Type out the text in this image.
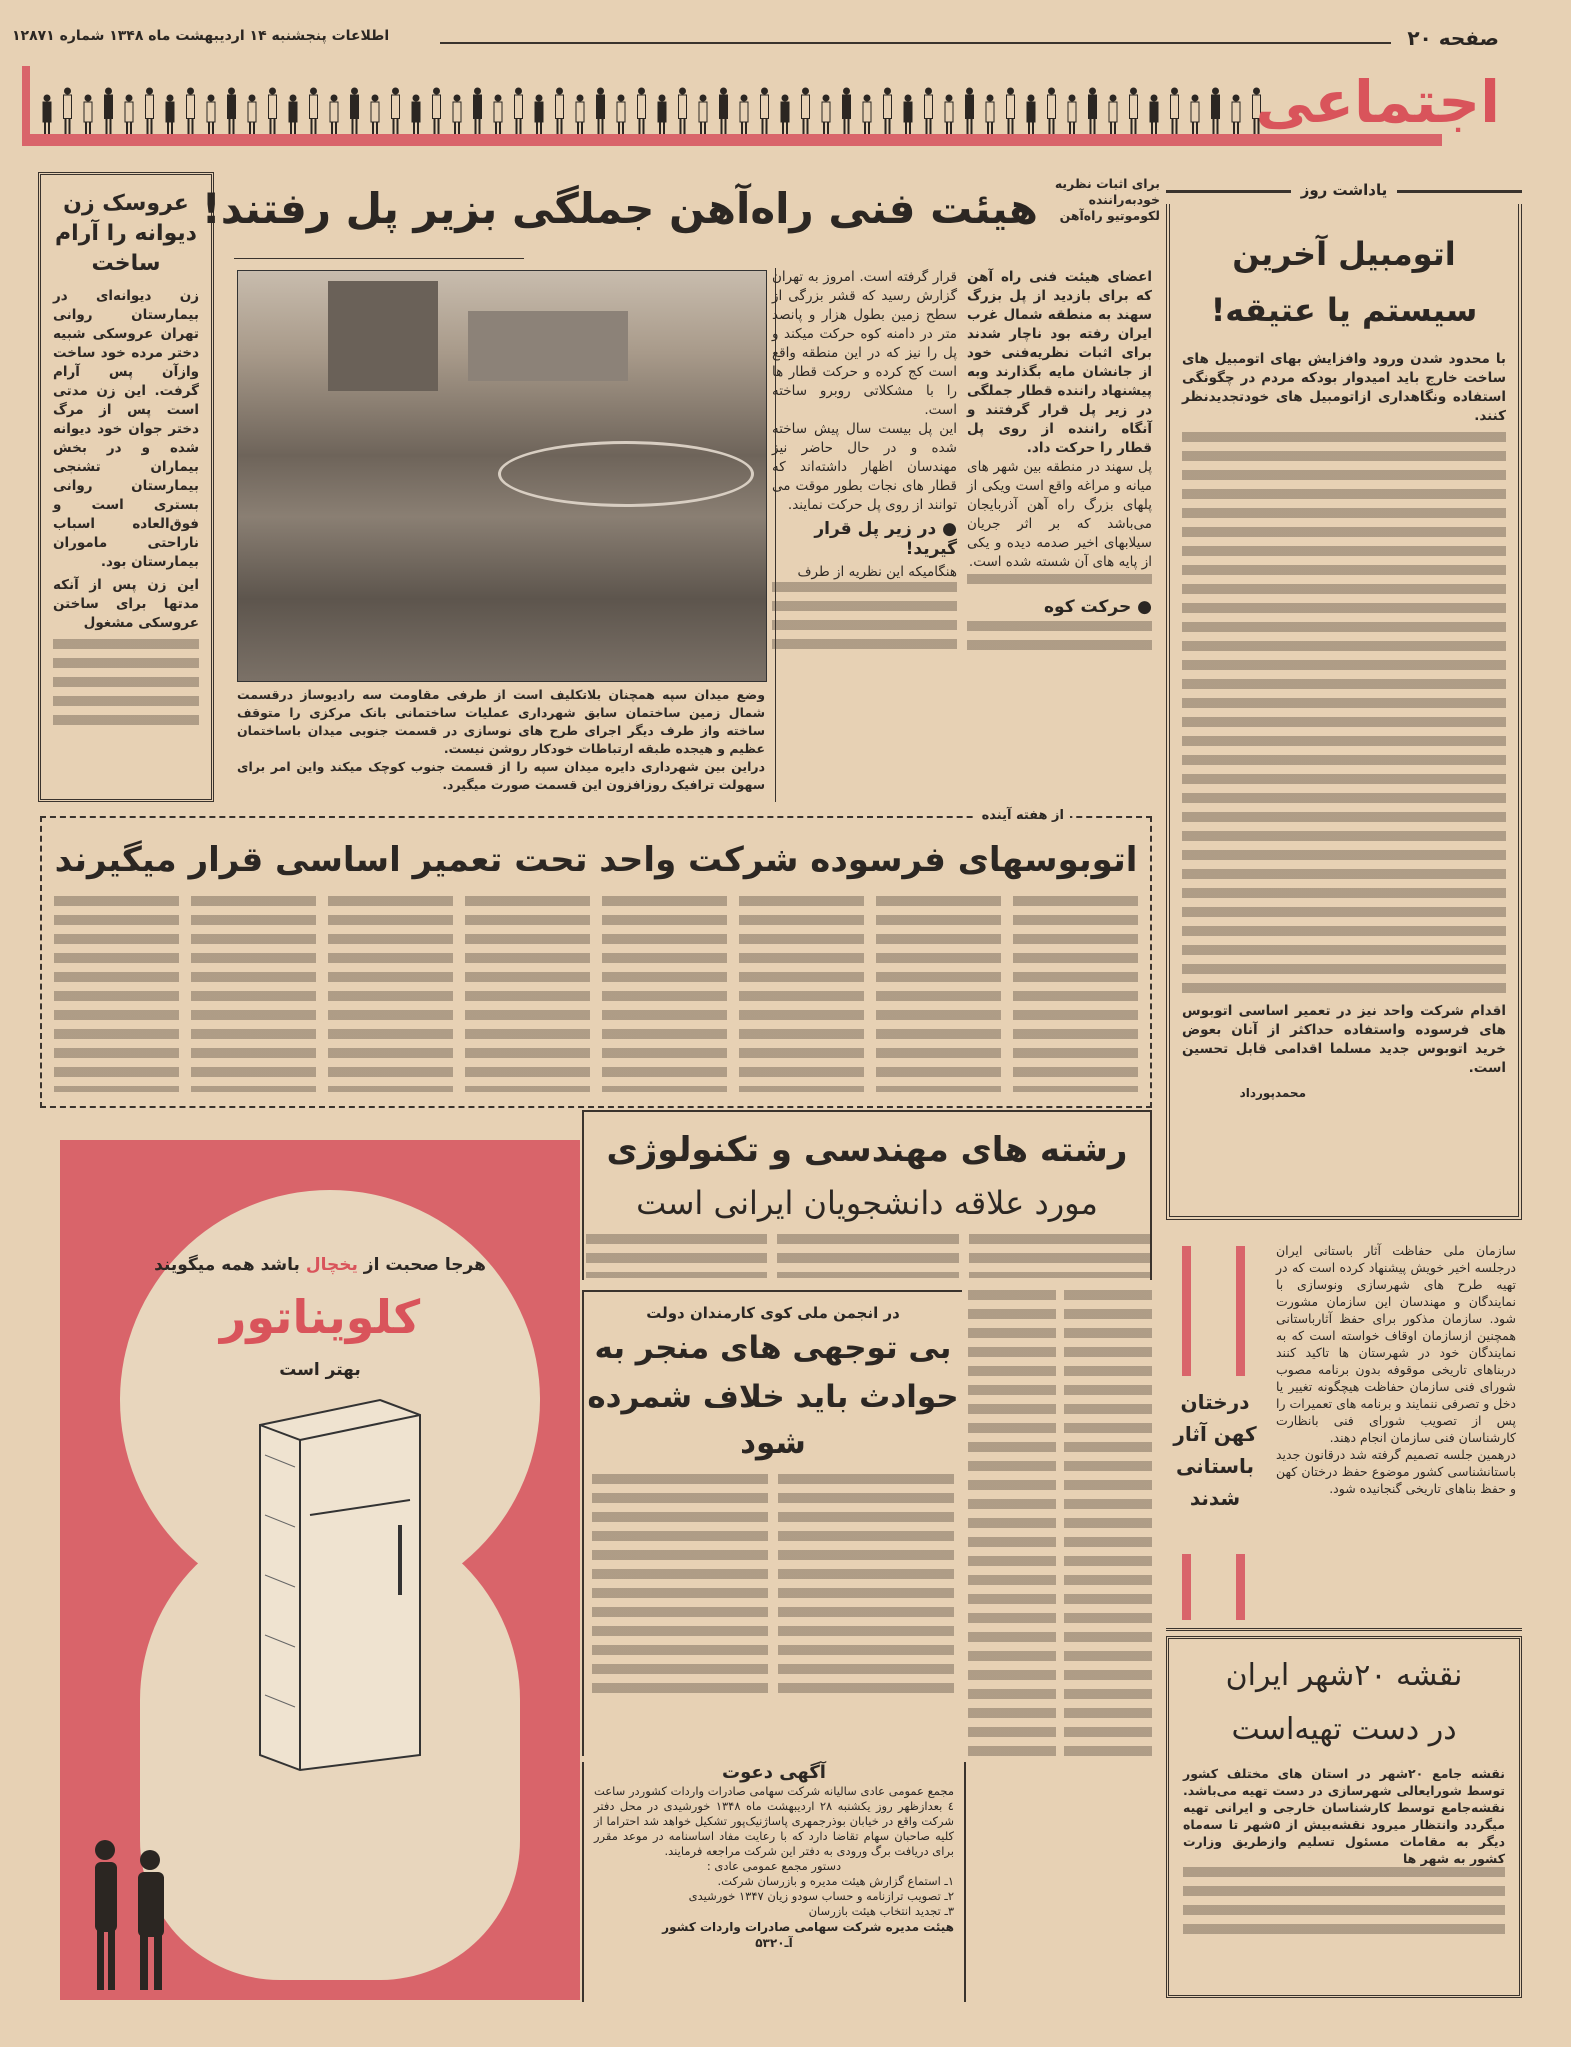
صفحه ۲۰
اطلاعات پنجشنبه ۱۴ اردیبهشت ماه ۱۳۴۸ شماره ۱۲۸۷۱
اجتماعی
عروسک زن دیوانه را آرام ساخت
زن دیوانه‌ای در بیمارستان روانی تهران عروسکی شبیه دختر مرده خود ساخت وازآن پس آرام گرفت. این زن مدتی است پس از مرگ دختر جوان خود دیوانه شده و در بخش بیماران تشنجی بیمارستان روانی بستری است و فوق‌العاده اسباب ناراحتی ماموران بیمارستان بود.
این زن پس از آنکه مدتها برای ساختن عروسکی مشغول
برای اثبات نظریه خودبه‌راننده لکوموتیو راه‌آهن
هیئت فنی راه‌آهن جملگی بزیر پل رفتند!
وضع میدان سپه همچنان بلاتکلیف است از طرفی مقاومت سه رادیوساز درقسمت شمال زمین ساختمان سابق شهرداری عملیات ساختمانی بانک مرکزی را متوقف ساخته واز طرف دیگر اجرای طرح های نوسازی در قسمت جنوبی میدان باساختمان عظیم و هیجده طبقه ارتباطات خودکار روشن نیست.
دراین بین شهرداری دایره میدان سپه را از قسمت جنوب کوچک میکند واین امر برای سهولت ترافیک روزافزون این قسمت صورت میگیرد.
اعضای هیئت فنی راه آهن که برای بازدید از پل بزرگ سهند به منطقه شمال غرب ایران رفته بود ناچار شدند برای اثبات نظریه‌فنی خود از جانشان مایه بگذارند وبه پیشنهاد راننده قطار جملگی در زیر پل قرار گرفتند و آنگاه راننده از روی پل قطار را حرکت داد.
پل سهند در منطقه بین شهر های میانه و مراغه واقع است ویکی از پلهای بزرگ راه آهن آذربایجان می‌باشد که بر اثر جریان سیلابهای اخیر صدمه دیده و یکی از پایه های آن شسته شده است.
● حرکت کوه
قرار گرفته است. امروز به تهران گزارش رسید که قشر بزرگی از سطح زمین بطول هزار و پانصد متر در دامنه کوه حرکت میکند و پل را نیز که در این منطقه واقع است کج کرده و حرکت قطار ها را با مشکلاتی روبرو ساخته است.
این پل بیست سال پیش ساخته شده و در حال حاضر نیز مهندسان اظهار داشته‌اند که قطار های نجات بطور موقت می توانند از روی پل حرکت نمایند.
● در زیر پل قرار گیرید!
هنگامیکه این نظریه از طرف
یاداشت روز
اتومبیل آخرین سیستم یا عتیقه!
با محدود شدن ورود وافزایش بهای اتومبیل های ساخت خارج باید امیدوار بودکه مردم در چگونگی استفاده ونگاهداری ازاتومبیل های خودتجدیدنظر کنند.
اقدام شرکت واحد نیز در تعمیر اساسی اتوبوس های فرسوده واستفاده حداکثر از آنان بعوض خرید اتوبوس جدید مسلما اقدامی قابل تحسین است.
محمدپورداد
از هفته آینده
اتوبوسهای فرسوده شرکت واحد تحت تعمیر اساسی قرار میگیرند
هرجا صحبت از یخچال باشد همه میگویند
کلویناتور
بهتر است
رشته های مهندسی و تکنولوژی
مورد علاقه دانشجویان ایرانی است
در انجمن ملی کوی کارمندان دولت
بی توجهی های منجر به
حوادث باید خلاف شمرده شود
آگهی دعوت
مجمع عمومی عادی سالیانه شرکت سهامی صادرات واردات کشوردر ساعت ٤ بعدازظهر روز یکشنبه ۲۸ اردیبهشت ماه ۱۳۴۸ خورشیدی در محل دفتر شرکت واقع در خیابان بوذرجمهری پاساژنیک‌پور تشکیل خواهد شد احتراما از کلیه صاحبان سهام تقاضا دارد که با رعایت مفاد اساسنامه در موعد مقرر برای دریافت برگ ورودی به دفتر این شرکت مراجعه فرمایند.
دستور مجمع عمومی عادی :
۱ـ استماع گزارش هیئت مدیره و بازرسان شرکت.
۲ـ تصویب ترازنامه و حساب سودو زیان ۱۳۴۷ خورشیدی
۳ـ تجدید انتخاب هیئت بازرسان
هیئت مدیره شرکت سهامی صادرات واردات کشور
آـ۵۳۲۰
سازمان ملی حفاظت آثار باستانی ایران درجلسه اخیر خویش پیشنهاد کرده است که در تهیه طرح های شهرسازی ونوسازی با نمایندگان و مهندسان این سازمان مشورت شود. سازمان مذکور برای حفظ آثارباستانی همچنین ازسازمان اوقاف خواسته است که به نمایندگان خود در شهرستان ها تاکید کنند دربناهای تاریخی موقوفه بدون برنامه مصوب شورای فنی سازمان حفاظت هیچگونه تغییر یا دخل و تصرفی ننمایند و برنامه های تعمیرات را پس از تصویب شورای فنی بانظارت کارشناسان فنی سازمان انجام دهند.
درهمین جلسه تصمیم گرفته شد درقانون جدید باستانشناسی کشور موضوع حفظ درختان کهن و حفظ بناهای تاریخی گنجانیده شود.
درختان کهن آثار باستانی شدند
نقشه ۲۰شهر ایران
در دست تهیه‌است
نقشه جامع ۲۰شهر در استان های مختلف کشور توسط شورایعالی شهرسازی در دست تهیه می‌باشد. نقشه‌جامع توسط کارشناسان خارجی و ایرانی تهیه میگردد وانتظار میرود نقشه‌بیش از ۵شهر تا سه‌ماه دیگر به مقامات مسئول تسلیم وازطریق وزارت کشور به شهر ها
